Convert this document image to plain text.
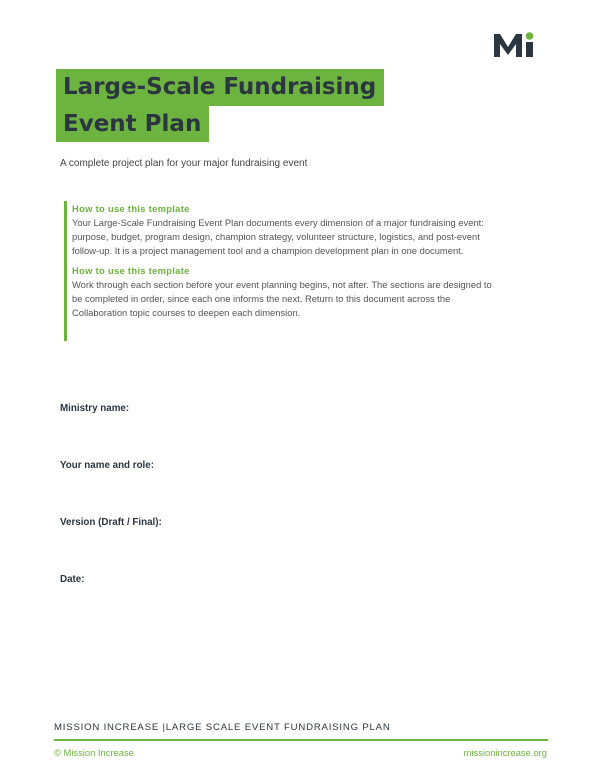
Large-Scale Fundraising
Event Plan
A complete project plan for your major fundraising event
How to use this template

Your Large-Scale Fundraising Event Plan documents every dimension of a major fundraising event: purpose, budget, program design, champion strategy, volunteer structure, logistics, and post-event follow-up. It is a project management tool and a champion development plan in one document.

How to use this template

Work through each section before your event planning begins, not after. The sections are designed to be completed in order, since each one informs the next. Return to this document across the Collaboration topic courses to deepen each dimension.

Ministry name:
Your name and role:
Version (Draft / Final):
Date:
MISSION INCREASE |LARGE SCALE EVENT FUNDRAISING PLAN
© Mission Increase	missionincrease.org
